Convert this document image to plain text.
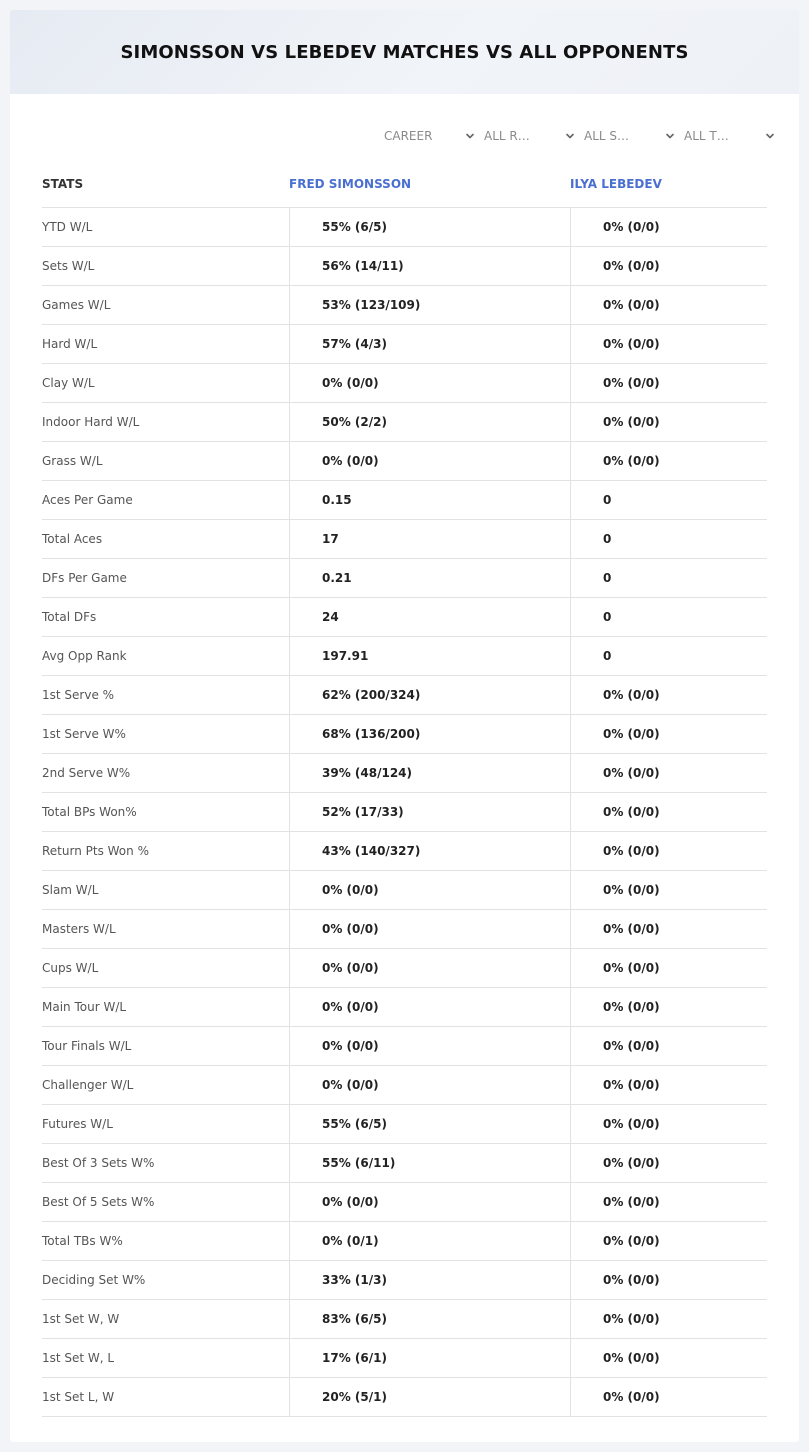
SIMONSSON VS LEBEDEV MATCHES VS ALL OPPONENTS
CAREER	ALL R…	ALL S…	ALL T…
STATS	FRED SIMONSSON	ILYA LEBEDEV
YTD W/L	55% (6/5)	0% (0/0)
Sets W/L	56% (14/11)	0% (0/0)
Games W/L	53% (123/109)	0% (0/0)
Hard W/L	57% (4/3)	0% (0/0)
Clay W/L	0% (0/0)	0% (0/0)
Indoor Hard W/L	50% (2/2)	0% (0/0)
Grass W/L	0% (0/0)	0% (0/0)
Aces Per Game	0.15	0
Total Aces	17	0
DFs Per Game	0.21	0
Total DFs	24	0
Avg Opp Rank	197.91	0
1st Serve %	62% (200/324)	0% (0/0)
1st Serve W%	68% (136/200)	0% (0/0)
2nd Serve W%	39% (48/124)	0% (0/0)
Total BPs Won%	52% (17/33)	0% (0/0)
Return Pts Won %	43% (140/327)	0% (0/0)
Slam W/L	0% (0/0)	0% (0/0)
Masters W/L	0% (0/0)	0% (0/0)
Cups W/L	0% (0/0)	0% (0/0)
Main Tour W/L	0% (0/0)	0% (0/0)
Tour Finals W/L	0% (0/0)	0% (0/0)
Challenger W/L	0% (0/0)	0% (0/0)
Futures W/L	55% (6/5)	0% (0/0)
Best Of 3 Sets W%	55% (6/11)	0% (0/0)
Best Of 5 Sets W%	0% (0/0)	0% (0/0)
Total TBs W%	0% (0/1)	0% (0/0)
Deciding Set W%	33% (1/3)	0% (0/0)
1st Set W, W	83% (6/5)	0% (0/0)
1st Set W, L	17% (6/1)	0% (0/0)
1st Set L, W	20% (5/1)	0% (0/0)
